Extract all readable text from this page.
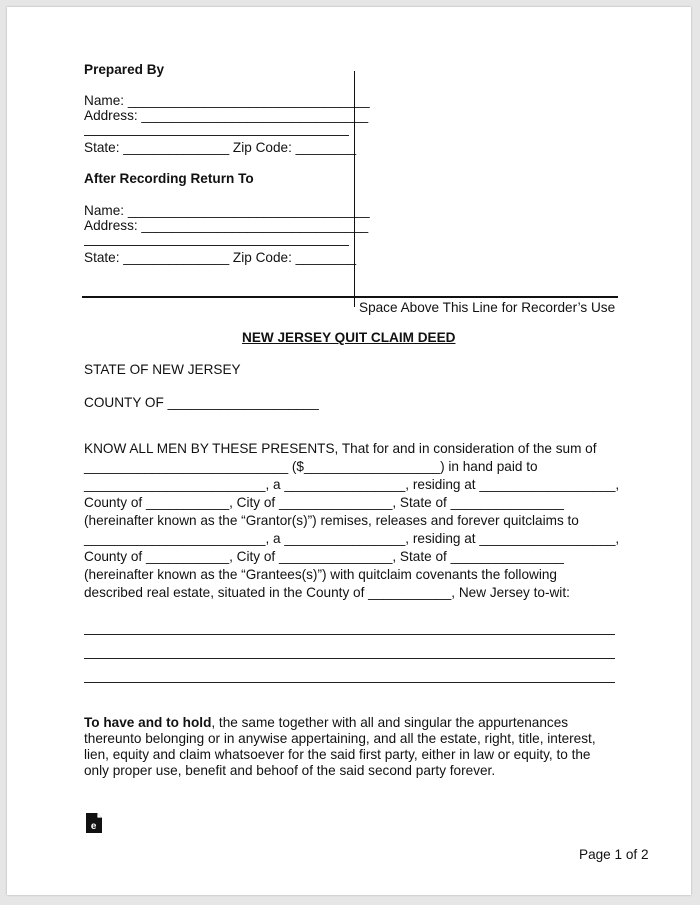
Prepared By
Name: ________________________________
Address: ______________________________
State: ______________ Zip Code: ________
After Recording Return To
Name: ________________________________
Address: ______________________________
State: ______________ Zip Code: ________
Space Above This Line for Recorder’s Use
NEW JERSEY QUIT CLAIM DEED
STATE OF NEW JERSEY
COUNTY OF ____________________
KNOW ALL MEN BY THESE PRESENTS, That for and in consideration of the sum of
___________________________ ($__________________) in hand paid to
________________________, a ________________, residing at __________________,
County of ___________, City of _______________, State of _______________
(hereinafter known as the “Grantor(s)”) remises, releases and forever quitclaims to
________________________, a ________________, residing at __________________,
County of ___________, City of _______________, State of _______________
(hereinafter known as the “Grantees(s)”) with quitclaim covenants the following
described real estate, situated in the County of ___________, New Jersey to-wit:
To have and to hold, the same together with all and singular the appurtenances
thereunto belonging or in anywise appertaining, and all the estate, right, title, interest,
lien, equity and claim whatsoever for the said first party, either in law or equity, to the
only proper use, benefit and behoof of the said second party forever.
e
Page 1 of 2
